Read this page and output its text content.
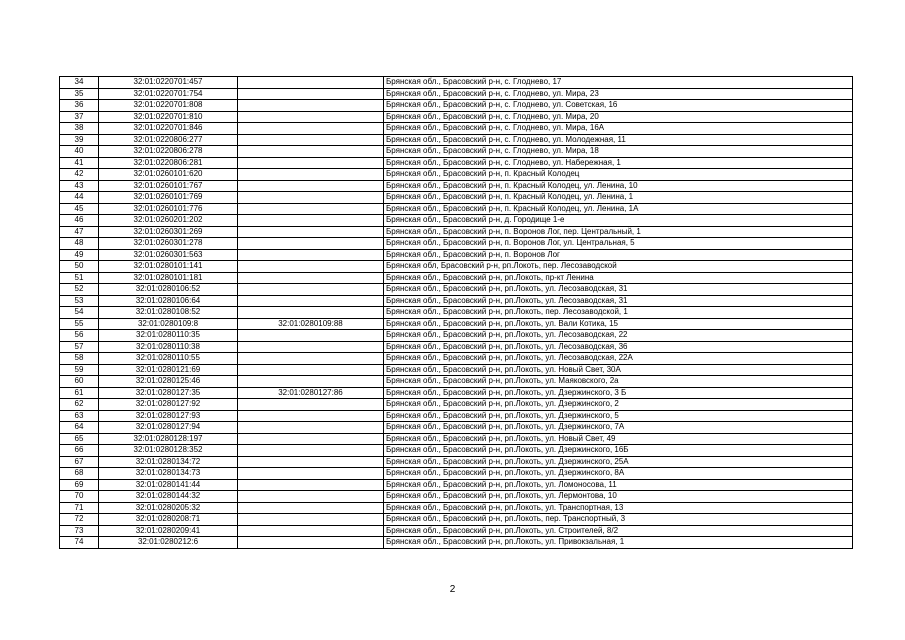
34	32:01:0220701:457		Брянская обл., Брасовский р-н, с. Глоднево, 17
35	32:01:0220701:754		Брянская обл., Брасовский р-н, с. Глоднево, ул. Мира, 23
36	32:01:0220701:808		Брянская обл., Брасовский р-н, с. Глоднево, ул. Советская, 16
37	32:01:0220701:810		Брянская обл., Брасовский р-н, с. Глоднево, ул. Мира, 20
38	32:01:0220701:846		Брянская обл., Брасовский р-н, с. Глоднево, ул. Мира, 16А
39	32:01:0220806:277		Брянская обл., Брасовский р-н, с. Глоднево, ул. Молодежная, 11
40	32:01:0220806:278		Брянская обл., Брасовский р-н, с. Глоднево, ул. Мира, 18
41	32:01:0220806:281		Брянская обл., Брасовский р-н, с. Глоднево, ул. Набережная, 1
42	32:01:0260101:620		Брянская обл., Брасовский р-н, п. Красный Колодец
43	32:01:0260101:767		Брянская обл., Брасовский р-н, п. Красный Колодец, ул. Ленина, 10
44	32:01:0260101:769		Брянская обл., Брасовский р-н, п. Красный Колодец, ул. Ленина, 1
45	32:01:0260101:776		Брянская обл., Брасовский р-н, п. Красный Колодец, ул. Ленина, 1А
46	32:01:0260201:202		Брянская обл., Брасовский р-н, д. Городище 1-е
47	32:01:0260301:269		Брянская обл., Брасовский р-н, п. Воронов Лог, пер. Центральный, 1
48	32:01:0260301:278		Брянская обл., Брасовский р-н, п. Воронов Лог, ул. Центральная, 5
49	32:01:0260301:563		Брянская обл., Брасовский р-н, п. Воронов Лог
50	32:01:0280101:141		Брянская обл, Брасовский р-н, рп.Локоть, пер. Лесозаводской
51	32:01:0280101:181		Брянская обл., Брасовский р-н, рп.Локоть, пр-кт Ленина
52	32:01:0280106:52		Брянская обл., Брасовский р-н, рп.Локоть, ул. Лесозаводская, 31
53	32:01:0280106:64		Брянская обл., Брасовский р-н, рп.Локоть, ул. Лесозаводская, 31
54	32:01:0280108:52		Брянская обл., Брасовский р-н, рп.Локоть, пер. Лесозаводской, 1
55	32:01:0280109:8	32:01:0280109:88	Брянская обл., Брасовский р-н, рп.Локоть, ул. Вали Котика, 15
56	32:01:0280110:35		Брянская обл., Брасовский р-н, рп.Локоть, ул. Лесозаводская, 22
57	32:01:0280110:38		Брянская обл., Брасовский р-н, рп.Локоть, ул. Лесозаводская, 36
58	32:01:0280110:55		Брянская обл., Брасовский р-н, рп.Локоть, ул. Лесозаводская, 22А
59	32:01:0280121:69		Брянская обл., Брасовский р-н, рп.Локоть, ул. Новый Свет, 30А
60	32:01:0280125:46		Брянская обл., Брасовский р-н, рп.Локоть, ул. Маяковского, 2а
61	32:01:0280127:35	32:01:0280127:86	Брянская обл., Брасовский р-н, рп.Локоть, ул. Дзержинского, 3 Б
62	32:01:0280127:92		Брянская обл., Брасовский р-н, рп.Локоть, ул. Дзержинского, 2
63	32:01:0280127:93		Брянская обл., Брасовский р-н, рп.Локоть, ул. Дзержинского, 5
64	32:01:0280127:94		Брянская обл., Брасовский р-н, рп.Локоть, ул. Дзержинского, 7А
65	32:01:0280128:197		Брянская обл., Брасовский р-н, рп.Локоть, ул. Новый Свет, 49
66	32:01:0280128:352		Брянская обл., Брасовский р-н, рп.Локоть, ул. Дзержинского, 16Б
67	32:01:0280134:72		Брянская обл., Брасовский р-н, рп.Локоть, ул. Дзержинского, 25А
68	32:01:0280134:73		Брянская обл., Брасовский р-н, рп.Локоть, ул. Дзержинского, 8А
69	32:01:0280141:44		Брянская обл., Брасовский р-н, рп.Локоть, ул. Ломоносова, 11
70	32:01:0280144:32		Брянская обл., Брасовский р-н, рп.Локоть, ул. Лермонтова, 10
71	32:01:0280205:32		Брянская обл., Брасовский р-н, рп.Локоть, ул. Транспортная, 13
72	32:01:0280208:71		Брянская обл., Брасовский р-н, рп.Локоть, пер. Транспортный, 3
73	32:01:0280209:41		Брянская обл., Брасовский р-н, рп.Локоть, ул. Строителей, 8/2
74	32:01:0280212:6		Брянская обл., Брасовский р-н, рп.Локоть, ул. Привокзальная, 1
2
